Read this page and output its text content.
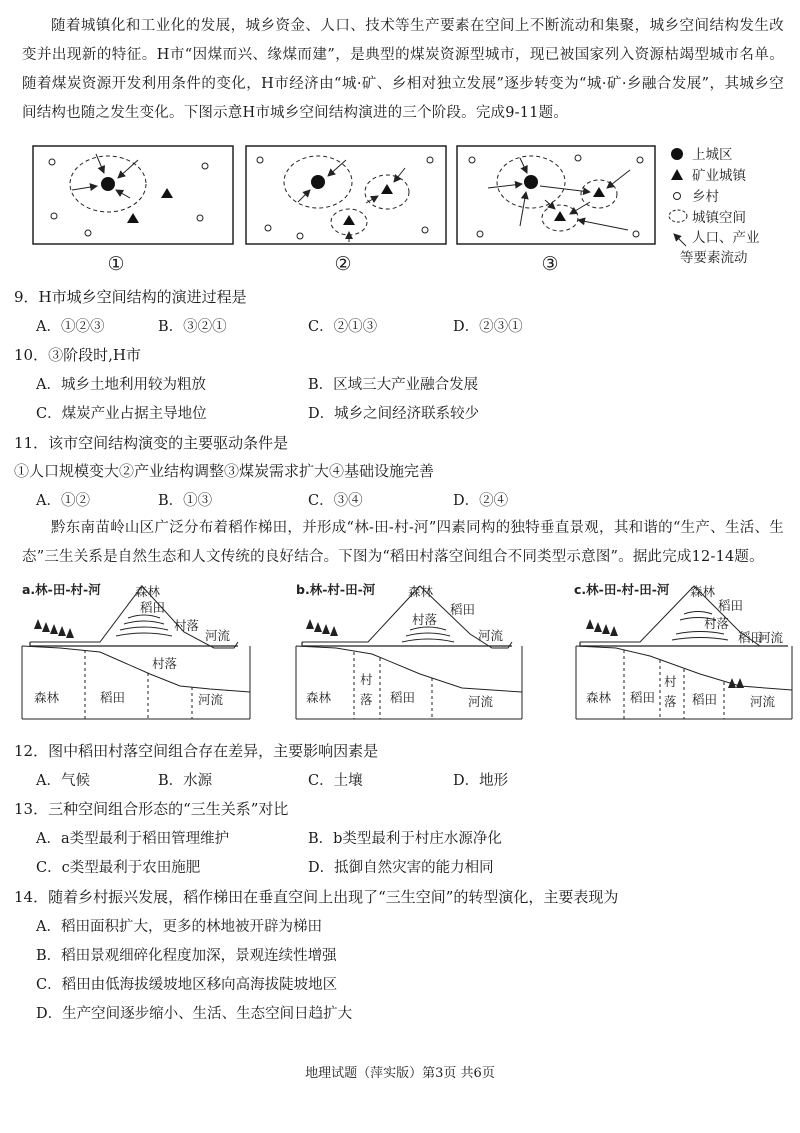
随着城镇化和工业化的发展，城乡资金、人口、技术等生产要素在空间上不断流动和集聚，城乡空间结构发生改变并出现新的特征。H市“因煤而兴、缘煤而建”，是典型的煤炭资源型城市，现已被国家列入资源枯竭型城市名单。随着煤炭资源开发利用条件的变化，H市经济由“城·矿、乡相对独立发展”逐步转变为“城·矿·乡融合发展”，其城乡空间结构也随之发生变化。下图示意H市城乡空间结构演进的三个阶段。完成9-11题。
①	②	③
上城区
矿业城镇
乡村
城镇空间
人口、产业
等要素流动
9．H市城乡空间结构的演进过程是
A．①②③	B．③②①	C．②①③	D．②③①
10．③阶段时,H市
A．城乡土地利用较为粗放	B．区域三大产业融合发展
C．煤炭产业占据主导地位	D．城乡之间经济联系较少
11．该市空间结构演变的主要驱动条件是
①人口规模变大②产业结构调整③煤炭需求扩大④基础设施完善
A．①②	B．①③	C．③④	D．②④
黔东南苗岭山区广泛分布着稻作梯田，并形成“林-田-村-河”四素同构的独特垂直景观，其和谐的“生产、生活、生态”三生关系是自然生态和人文传统的良好结合。下图为“稻田村落空间组合不同类型示意图”。据此完成12-14题。
a.林-田-村-河	森林
稻田
村落
河流
森林	稻田
村落
河流
b.林-村-田-河	森林
村落
稻田
河流
森林
村
落 稻田	河流
c.林-田-村-田-河 森林
稻田
村落
稻田
河流
森林 稻田
村
落 稻田	河流
12．图中稻田村落空间组合存在差异，主要影响因素是
A．气候	B．水源	C．土壤	D．地形
13．三种空间组合形态的“三生关系”对比
A．a类型最利于稻田管理维护	B．b类型最利于村庄水源净化
C．c类型最利于农田施肥	D．抵御自然灾害的能力相同
14．随着乡村振兴发展，稻作梯田在垂直空间上出现了“三生空间”的转型演化，主要表现为
A．稻田面积扩大，更多的林地被开辟为梯田
B．稻田景观细碎化程度加深，景观连续性增强
C．稻田由低海拔缓坡地区移向高海拔陡坡地区
D．生产空间逐步缩小、生活、生态空间日趋扩大
地理试题（萍实版）第3页 共6页
